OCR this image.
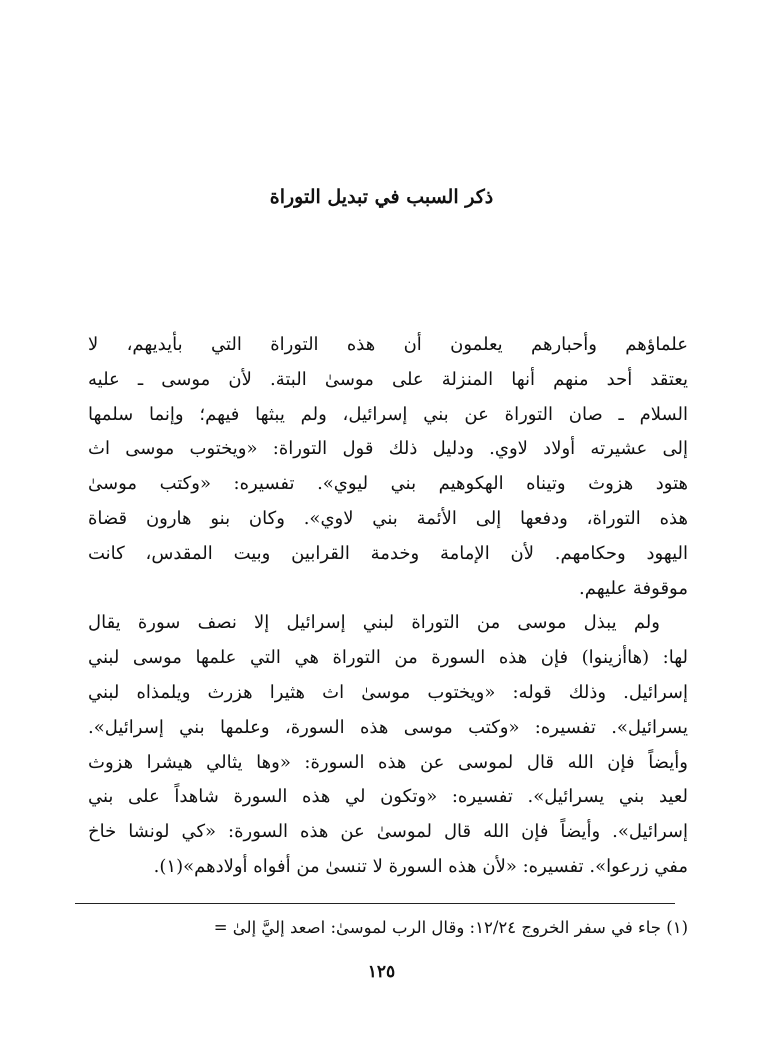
ذكر السبب في تبديل التوراة

علماؤهم وأحبارهم يعلمون أن هذه التوراة التي بأيديهم، لا
يعتقد أحد منهم أنها المنزلة على موسىٰ البتة. لأن موسى ـ عليه
السلام ـ صان التوراة عن بني إسرائيل، ولم يبثها فيهم؛ وإنما سلمها
إلى عشيرته أولاد لاوي. ودليل ذلك قول التوراة: «ويختوب موسى اث
هتود هزوث وتيناه الهكوهيم بني ليوي». تفسيره: «وكتب موسىٰ
هذه التوراة، ودفعها إلى الأئمة بني لاوي». وكان بنو هارون قضاة
اليهود وحكامهم. لأن الإمامة وخدمة القرابين وبيت المقدس، كانت
موقوفة عليهم.

ولم يبذل موسى من التوراة لبني إسرائيل إلا نصف سورة يقال
لها: (هاأزينوا) فإن هذه السورة من التوراة هي التي علمها موسى لبني
إسرائيل. وذلك قوله: «ويختوب موسىٰ اث هثيرا هزرث ويلمذاه لبني
يسرائيل». تفسيره: «وكتب موسى هذه السورة، وعلمها بني إسرائيل».
وأيضاً فإن الله قال لموسى عن هذه السورة: «وها يثالي هيشرا هزوث
لعيد بني يسرائيل». تفسيره: «وتكون لي هذه السورة شاهداً على بني
إسرائيل». وأيضاً فإن الله قال لموسىٰ عن هذه السورة: «كي لونشا خاخ
مفي زرعوا». تفسيره: «لأن هذه السورة لا تنسىٰ من أفواه أولادهم»(١).

(١) جاء في سفر الخروج ١٢/٢٤: وقال الرب لموسىٰ: اصعد إليَّ إلىٰ =
١٢٥
